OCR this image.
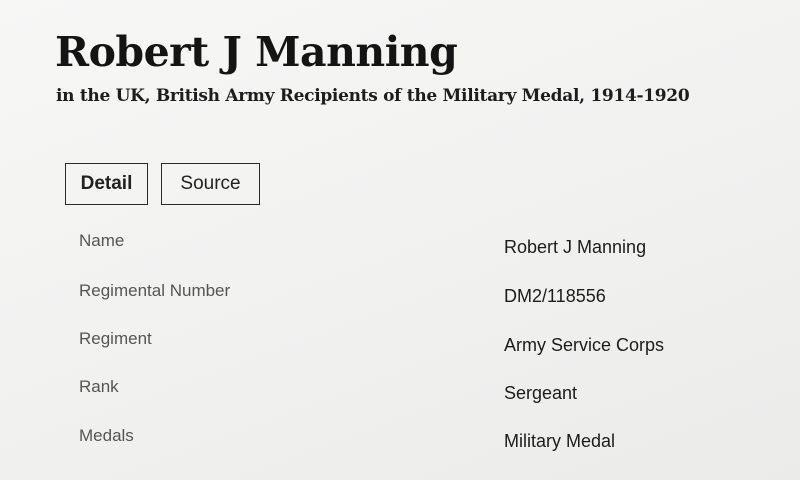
Robert J Manning
in the UK, British Army Recipients of the Military Medal, 1914-1920
Detail	Source
Name	Robert J Manning
Regimental Number	DM2/118556
Regiment	Army Service Corps
Rank	Sergeant
Medals	Military Medal
